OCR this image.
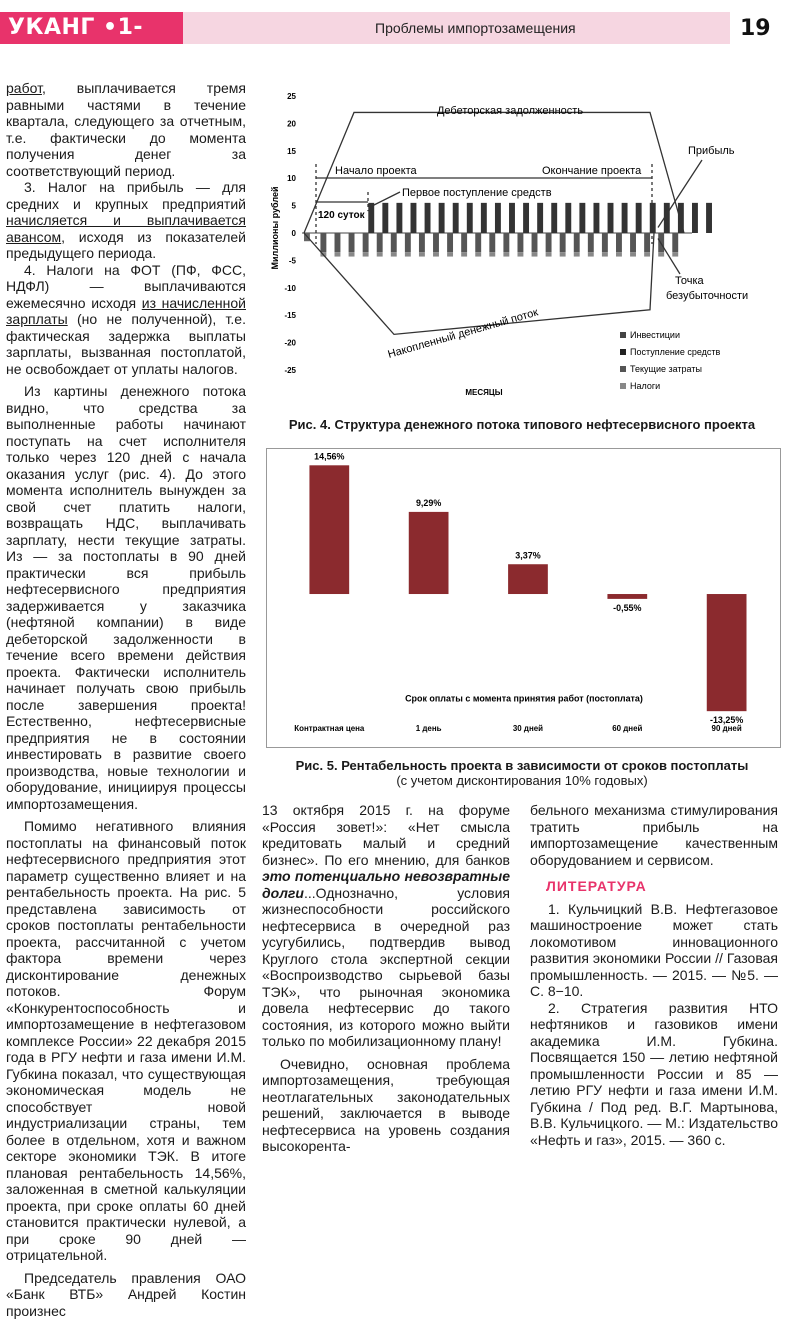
УКАНГ •1-2016
Проблемы импортозамещения	19

работ, выплачивается тремя равными частями в течение квартала, следующего за отчетным, т.е. фактически до момента получения денег за соответствующий период.

3. Налог на прибыль — для средних и крупных предприятий начисляется и выплачивается авансом, исходя из показателей предыдущего периода.

4. Налоги на ФОТ (ПФ, ФСС, НДФЛ) — выплачиваются ежемесячно исходя из начисленной зарплаты (но не полученной), т.е. фактическая задержка выплаты зарплаты, вызванная постоплатой, не освобождает от уплаты налогов.

Из картины денежного потока видно, что средства за выполненные работы начинают поступать на счет исполнителя только через 120 дней с начала оказания услуг (рис. 4). До этого момента исполнитель вынужден за свой счет платить налоги, возвращать НДС, выплачивать зарплату, нести текущие затраты. Из — за постоплаты в 90 дней практически вся прибыль нефтесервисного предприятия задерживается у заказчика (нефтяной компании) в виде дебеторской задолженности в течение всего времени действия проекта. Фактически исполнитель начинает получать свою прибыль после завершения проекта! Естественно, нефтесервисные предприятия не в состоянии инвестировать в развитие своего производства, новые технологии и оборудование, инициируя процессы импортозамещения.

Помимо негативного влияния постоплаты на финансовый поток нефтесервисного предприятия этот параметр существенно влияет и на рентабельность проекта. На рис. 5 представлена зависимость от сроков постоплаты рентабельности проекта, рассчитанной с учетом фактора времени через дисконтирование денежных потоков. Форум «Конкурентоспособность и импортозамещение в нефтегазовом комплексе России» 22 декабря 2015 года в РГУ нефти и газа имени И.М. Губкина показал, что существующая экономическая модель не способствует новой индустриализации страны, тем более в отдельном, хотя и важном секторе экономики ТЭК. В итоге плановая рентабельность 14,56%, заложенная в сметной калькуляции проекта, при сроке оплаты 60 дней становится практически нулевой, а при сроке 90 дней — отрицательной.

Председатель правления ОАО «Банк ВТБ» Андрей Костин произнес

25
20
15
10
5
0
-5
-10
-15
-20
-25
Миллионы рублей
МЕСЯЦЫ
Дебеторская задолженность
Начало проекта	Окончание проекта
Прибыль
Первое поступление средств
120 суток
Точка
безубыточности
Накопленный денежный поток	Инвестиции
Поступление средств
Текущие затраты
Налоги
Рис. 4. Структура денежного потока типового нефтесервисного проекта
14,56%
Контрактная цена
9,29%
1 день
3,37%
30 дней
-0,55%
60 дней
-13,25%
90 дней
Срок оплаты с момента принятия работ (постоплата)
Рис. 5. Рентабельность проекта в зависимости от сроков постоплаты
(с учетом дисконтирования 10% годовых)

13 октября 2015 г. на форуме «Россия зовет!»: «Нет смысла кредитовать малый и средний бизнес». По его мнению, для банков это потенциально невозвратные долги...Однозначно, условия жизнеспособности российского нефтесервиса в очередной раз усугубились, подтвердив вывод Круглого стола экспертной секции «Воспроизводство сырьевой базы ТЭК», что рыночная экономика довела нефтесервис до такого состояния, из которого можно выйти только по мобилизационному плану!

Очевидно, основная проблема импортозамещения, требующая неотлагательных законодательных решений, заключается в выводе нефтесервиса на уровень создания высокорента-

бельного механизма стимулирования тратить прибыль на импортозамещение качественным оборудованием и сервисом.

ЛИТЕРАТУРА

1. Кульчицкий В.В. Нефтегазовое машиностроение может стать локомотивом инновационного развития экономики России // Газовая промышленность. — 2015. — №5. — С. 8−10.

2. Стратегия развития НТО нефтяников и газовиков имени академика И.М. Губкина. Посвящается 150 — летию нефтяной промышленности России и 85 — летию РГУ нефти и газа имени И.М. Губкина / Под ред. В.Г. Мартынова, В.В. Кульчицкого. — М.: Издательство «Нефть и газ», 2015. — 360 с.
